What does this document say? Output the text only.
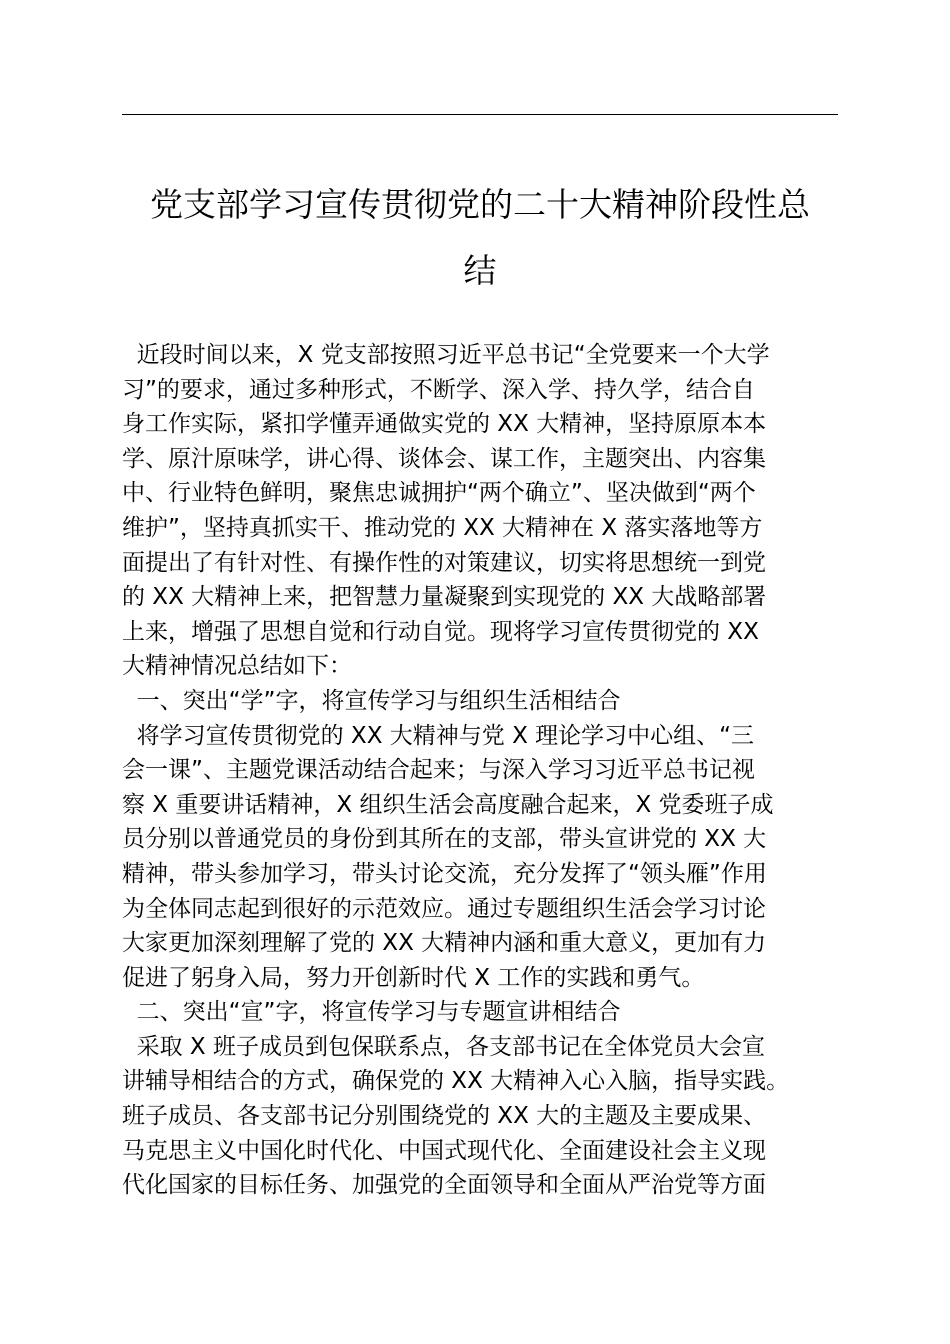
党支部学习宣传贯彻党的二十大精神阶段性总
结
近段时间以来，X 党支部按照习近平总书记“全党要来一个大学
习”的要求，通过多种形式，不断学、深入学、持久学，结合自
身工作实际，紧扣学懂弄通做实党的 XX 大精神，坚持原原本本
学、原汁原味学，讲心得、谈体会、谋工作，主题突出、内容集
中、行业特色鲜明，聚焦忠诚拥护“两个确立”、坚决做到“两个
维护”，坚持真抓实干、推动党的 XX 大精神在 X 落实落地等方
面提出了有针对性、有操作性的对策建议，切实将思想统一到党
的 XX 大精神上来，把智慧力量凝聚到实现党的 XX 大战略部署
上来，增强了思想自觉和行动自觉。现将学习宣传贯彻党的 XX
大精神情况总结如下：
一、突出“学”字，将宣传学习与组织生活相结合
将学习宣传贯彻党的 XX 大精神与党 X 理论学习中心组、“三
会一课”、主题党课活动结合起来；与深入学习习近平总书记视
察 X 重要讲话精神，X 组织生活会高度融合起来，X 党委班子成
员分别以普通党员的身份到其所在的支部，带头宣讲党的 XX 大
精神，带头参加学习，带头讨论交流，充分发挥了“领头雁”作用
为全体同志起到很好的示范效应。通过专题组织生活会学习讨论
大家更加深刻理解了党的 XX 大精神内涵和重大意义，更加有力
促进了躬身入局，努力开创新时代 X 工作的实践和勇气。
二、突出“宣”字，将宣传学习与专题宣讲相结合
采取 X 班子成员到包保联系点，各支部书记在全体党员大会宣
讲辅导相结合的方式，确保党的 XX 大精神入心入脑，指导实践。
班子成员、各支部书记分别围绕党的 XX 大的主题及主要成果、
马克思主义中国化时代化、中国式现代化、全面建设社会主义现
代化国家的目标任务、加强党的全面领导和全面从严治党等方面
